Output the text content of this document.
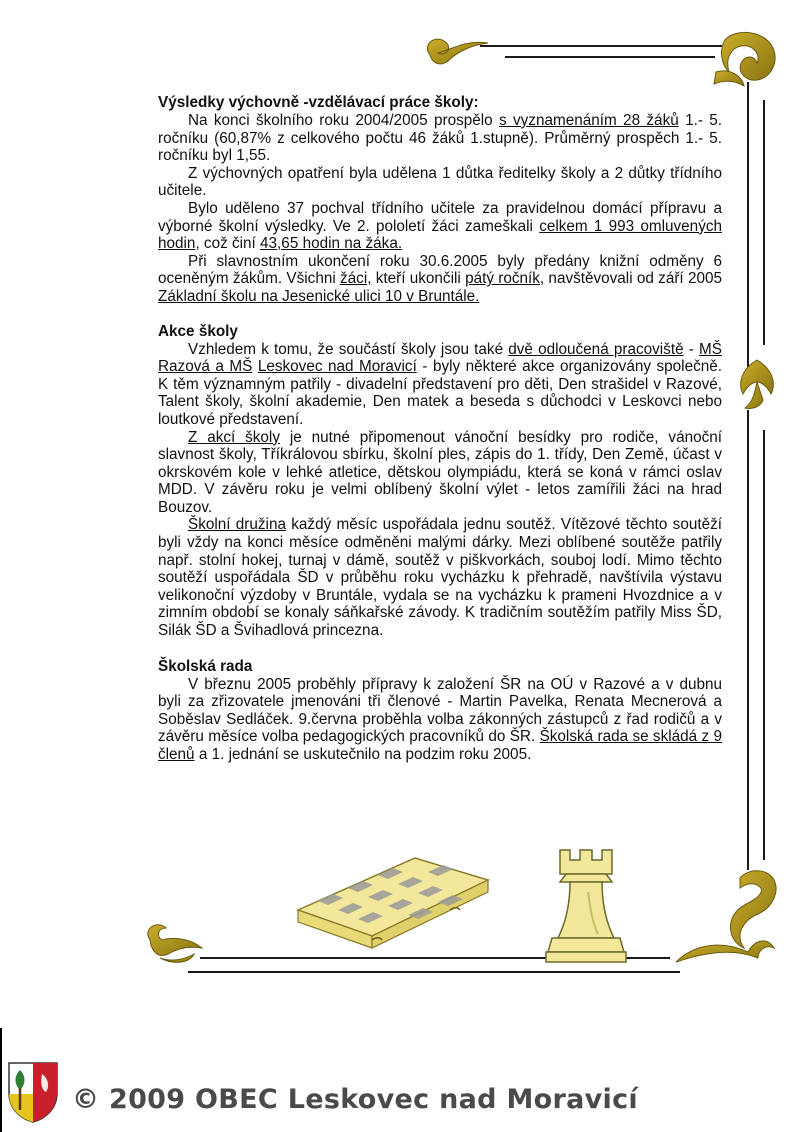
Výsledky výchovně -vzdělávací práce školy:

Na konci školního roku 2004/2005 prospělo s vyznamenáním 28 žáků 1.- 5. ročníku (60,87% z celkového počtu 46 žáků 1.stupně). Průměrný prospěch 1.- 5. ročníku byl 1,55.

Z výchovných opatření byla udělena 1 důtka ředitelky školy a 2 důtky třídního učitele.

Bylo uděleno 37 pochval třídního učitele za pravidelnou domácí přípravu a výborné školní výsledky. Ve 2. pololetí žáci zameškali celkem 1 993 omluvených hodin, což činí 43,65 hodin na žáka.

Při slavnostním ukončení roku 30.6.2005 byly předány knižní odměny 6 oceněným žákům. Všichni žáci, kteří ukončili pátý ročník, navštěvovali od září 2005 Základní školu na Jesenické ulici 10 v Bruntále.

Akce školy

Vzhledem k tomu, že součástí školy jsou také dvě odloučená pracoviště - MŠ Razová a MŠ Leskovec nad Moravicí - byly některé akce organizovány společně. K těm významným patřily - divadelní představení pro děti, Den strašidel v Razové, Talent školy, školní akademie, Den matek a beseda s důchodci v Leskovci nebo loutkové představení.

Z akcí školy je nutné připomenout vánoční besídky pro rodiče, vánoční slavnost školy, Tříkrálovou sbírku, školní ples, zápis do 1. třídy, Den Země, účast v okrskovém kole v lehké atletice, dětskou olympiádu, která se koná v rámci oslav MDD. V závěru roku je velmi oblíbený školní výlet - letos zamířili žáci na hrad Bouzov.

Školní družina každý měsíc uspořádala jednu soutěž. Vítězové těchto soutěží byli vždy na konci měsíce odměněni malými dárky. Mezi oblíbené soutěže patřily např. stolní hokej, turnaj v dámě, soutěž v piškvorkách, souboj lodí. Mimo těchto soutěží uspořádala ŠD v průběhu roku vycházku k přehradě, navštívila výstavu velikonoční výzdoby v Bruntále, vydala se na vycházku k prameni Hvozdnice a v zimním období se konaly sáňkařské závody. K tradičním soutěžím patřily Miss ŠD, Silák ŠD a Švihadlová princezna.

Školská rada

V březnu 2005 proběhly přípravy k založení ŠR na OÚ v Razové a v dubnu byli za zřizovatele jmenováni tři členové - Martin Pavelka, Renata Mecnerová a Soběslav Sedláček. 9.června proběhla volba zákonných zástupců z řad rodičů a v závěru měsíce volba pedagogických pracovníků do ŠR. Školská rada se skládá z 9 členů a 1. jednání se uskutečnilo na podzim roku 2005.

© 2009 OBEC Leskovec nad Moravicí
